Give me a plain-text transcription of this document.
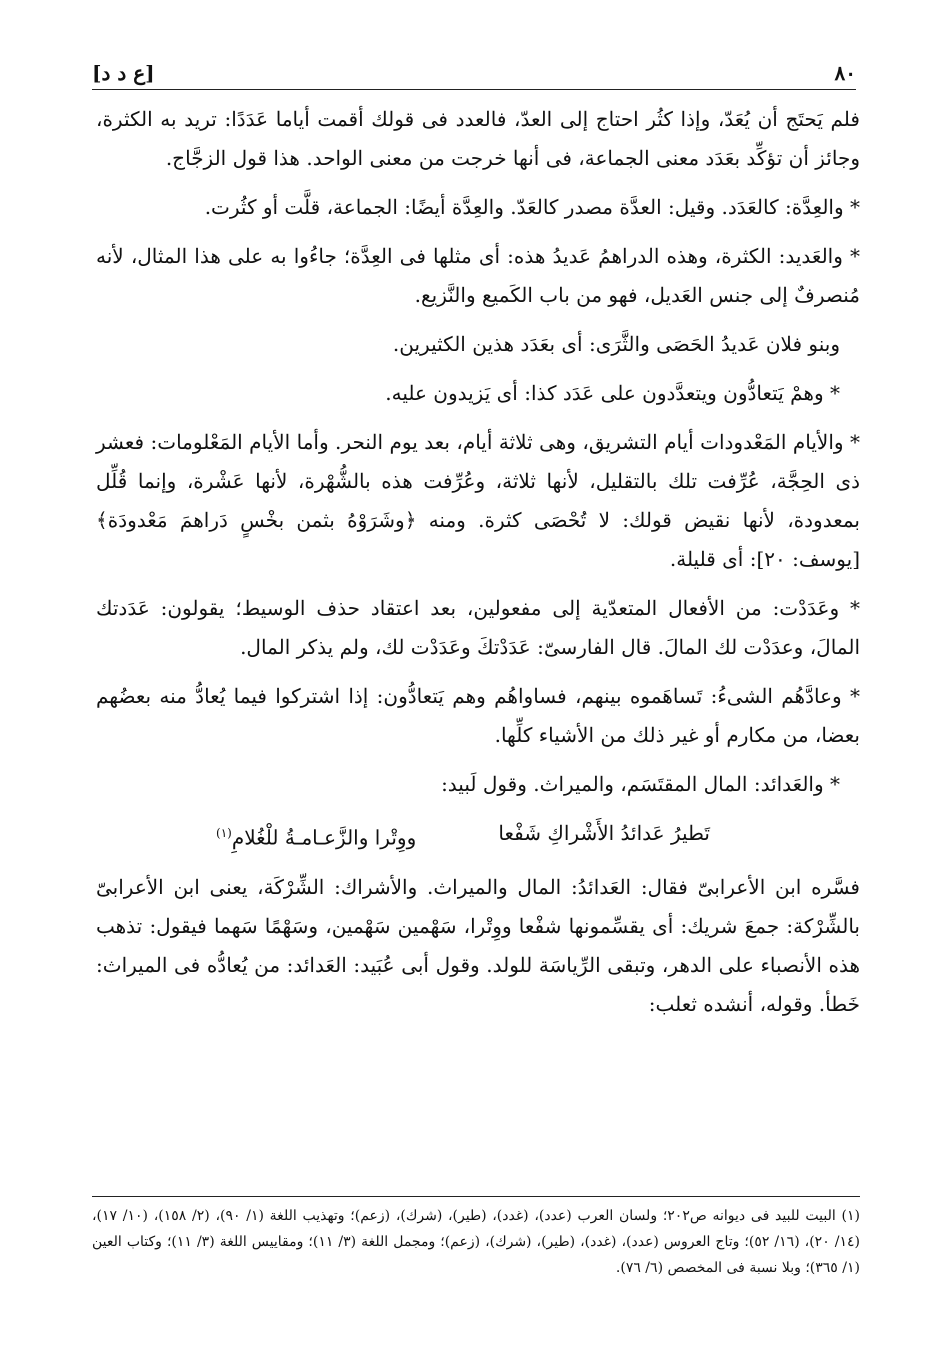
٨٠
[ع د د]

فلم يَحتَج أن يُعَدّ، وإذا كثُر احتاج إلى العدّ، فالعدد فى قولك أقمت أياما عَدَدًا: تريد به الكثرة، وجائز أن تؤكِّد بعَدَد معنى الجماعة، فى أنها خرجت من معنى الواحد. هذا قول الزجَّاج.

* والعِدَّة: كالعَدَد. وقيل: العدَّة مصدر كالعَدّ. والعِدَّة أيضًا: الجماعة، قلَّت أو كثُرت.

* والعَديد: الكثرة، وهذه الدراهمُ عَديدُ هذه: أى مثلها فى العِدَّة؛ جاءُوا به على هذا المثال، لأنه مُنصرفٌ إلى جنس العَديل، فهو من باب الكَميع والنَّزيع.

وبنو فلان عَديدُ الحَصَى والثَّرَى: أى بعَدَد هذين الكثيرين.

* وهمْ يَتعادُّون ويتعدَّدون على عَدَد كذا: أى يَزيدون عليه.

* والأيام المَعْدودات أيام التشريق، وهى ثلاثة أيام، بعد يوم النحر. وأما الأيام المَعْلومات: فعشر ذى الحِجَّة، عُرِّفت تلك بالتقليل، لأنها ثلاثة، وعُرِّفت هذه بالشُّهْرة، لأنها عَشْرة، وإنما قُلِّل بمعدودة، لأنها نقيض قولك: لا تُحْصَى كثرة. ومنه ﴿وشَرَوْهُ بثمن بخْسٍ دَراهمَ مَعْدودَة﴾ [يوسف: ٢٠]: أى قليلة.

* وعَدَدْت: من الأفعال المتعدّية إلى مفعولين، بعد اعتقاد حذف الوسيط؛ يقولون: عَدَدتك المالَ، وعدَدْت لك المالَ. قال الفارسىّ: عَدَدْتكَ وعَدَدْت لك، ولم يذكر المال.

* وعادَّهُم الشىءُ: تَساهَموه بينهم، فساواهُم وهم يَتعادُّون: إذا اشتركوا فيما يُعادُّ منه بعضُهم بعضا، من مكارم أو غير ذلك من الأشياء كلِّها.

* والعَدائد: المال المقتَسَم، والميراث. وقول لَبيد:

تَطيرُ عَدائدُ الأَشْراكِ شَفْعا
ووِتْرا والزَّعـامـةُ للْغُلامِ$^{(١)}$

فسَّره ابن الأعرابىّ فقال: العَدائدُ: المال والميراث. والأشراك: الشِّرْكَة، يعنى ابن الأعرابىّ بالشِّرْكة: جمعَ شريك: أى يقسِّمونها شفْعا ووِتْرا، سَهْمين سَهْمين، وسَهْمًا سَهما فيقول: تذهب هذه الأنصباء على الدهر، وتبقى الرِّياسَة للولد. وقول أبى عُبَيد: العَدائد: من يُعادُّه فى الميراث: خَطأ. وقوله، أنشده ثعلب:

(١) البيت للبيد فى ديوانه ص٢٠٢؛ ولسان العرب (عدد)، (غدد)، (طير)، (شرك)، (زعم)؛ وتهذيب اللغة (١/ ٩٠)، (٢/ ١٥٨)، (١٠/ ١٧)، (١٤/ ٢٠)، (١٦/ ٥٢)؛ وتاج العروس (عدد)، (غدد)، (طير)، (شرك)، (زعم)؛ ومجمل اللغة (٣/ ١١)؛ ومقاييس اللغة (٣/ ١١)؛ وكتاب العين (١/ ٣٦٥)؛ وبلا نسبة فى المخصص (٦/ ٧٦).
